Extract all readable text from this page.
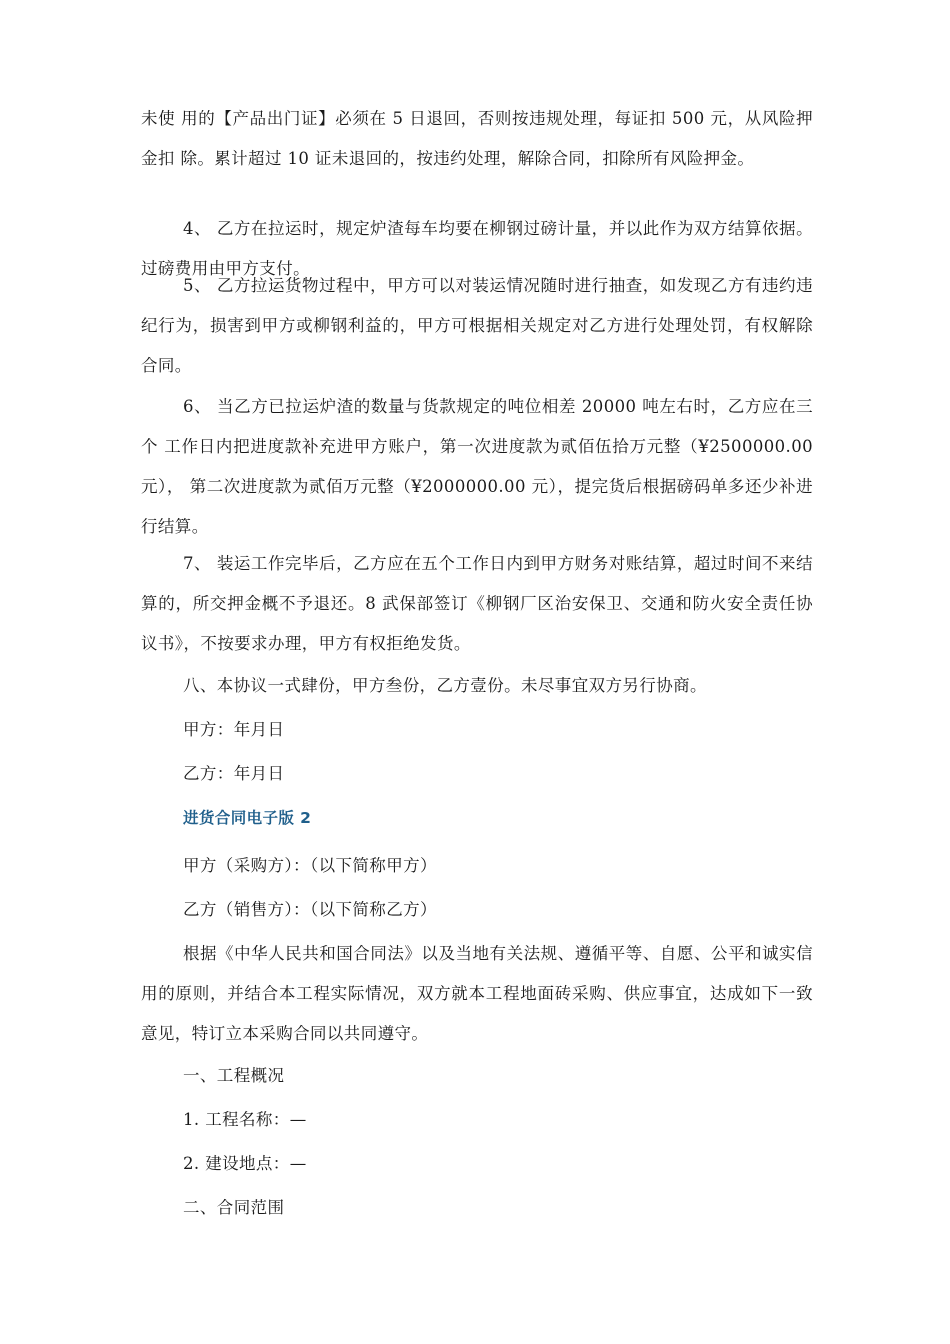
未使 用的【产品出门证】必须在 5 日退回，否则按违规处理，每证扣 500 元，从风险押金扣 除。累计超过 10 证未退回的，按违约处理，解除合同，扣除所有风险押金。

4、 乙方在拉运时，规定炉渣每车均要在柳钢过磅计量，并以此作为双方结算依据。 过磅费用由甲方支付。

5、 乙方拉运货物过程中，甲方可以对装运情况随时进行抽查，如发现乙方有违约违 纪行为，损害到甲方或柳钢利益的，甲方可根据相关规定对乙方进行处理处罚，有权解除 合同。

6、 当乙方已拉运炉渣的数量与货款规定的吨位相差 20000 吨左右时，乙方应在三个 工作日内把进度款补充进甲方账户，第一次进度款为贰佰伍拾万元整（¥2500000.00 元）， 第二次进度款为贰佰万元整（¥2000000.00 元），提完货后根据磅码单多还少补进行结算。

7、 装运工作完毕后，乙方应在五个工作日内到甲方财务对账结算，超过时间不来结 算的，所交押金概不予退还。8 武保部签订《柳钢厂区治安保卫、交通和防火安全责任协 议书》，不按要求办理，甲方有权拒绝发货。

八、本协议一式肆份，甲方叁份，乙方壹份。未尽事宜双方另行协商。

甲方：年月日

乙方：年月日

进货合同电子版 2

甲方（采购方）：（以下简称甲方）

乙方（销售方）：（以下简称乙方）

根据《中华人民共和国合同法》以及当地有关法规、遵循平等、自愿、公平和诚实信 用的原则，并结合本工程实际情况，双方就本工程地面砖采购、供应事宜，达成如下一致 意见，特订立本采购合同以共同遵守。

一、工程概况

1. 工程名称：—

2. 建设地点：—

二、合同范围
